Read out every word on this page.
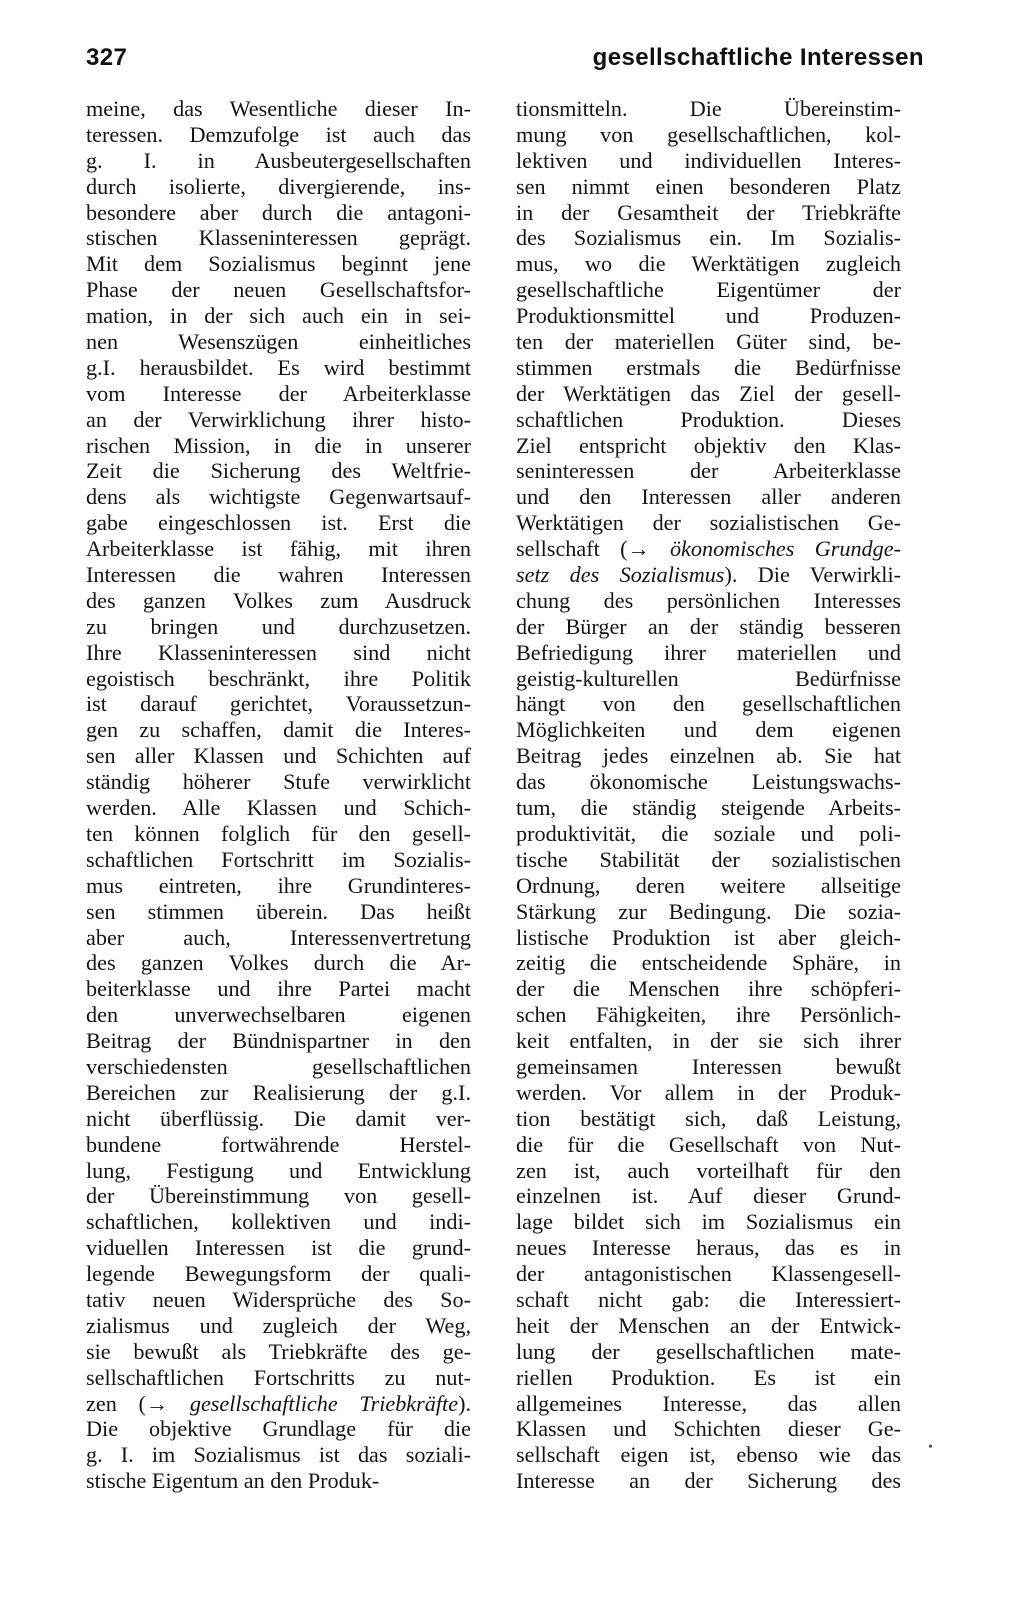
327	gesellschaftliche Interessen
meine, das Wesentliche dieser In-
teressen. Demzufolge ist auch das
g. I. in Ausbeutergesellschaften
durch isolierte, divergierende, ins-
besondere aber durch die antagoni-
stischen Klasseninteressen geprägt.
Mit dem Sozialismus beginnt jene
Phase der neuen Gesellschaftsfor-
mation, in der sich auch ein in sei-
nen Wesenszügen einheitliches
g.I. herausbildet. Es wird bestimmt
vom Interesse der Arbeiterklasse
an der Verwirklichung ihrer histo-
rischen Mission, in die in unserer
Zeit die Sicherung des Weltfrie-
dens als wichtigste Gegenwartsauf-
gabe eingeschlossen ist. Erst die
Arbeiterklasse ist fähig, mit ihren
Interessen die wahren Interessen
des ganzen Volkes zum Ausdruck
zu bringen und durchzusetzen.
Ihre Klasseninteressen sind nicht
egoistisch beschränkt, ihre Politik
ist darauf gerichtet, Voraussetzun-
gen zu schaffen, damit die Interes-
sen aller Klassen und Schichten auf
ständig höherer Stufe verwirklicht
werden. Alle Klassen und Schich-
ten können folglich für den gesell-
schaftlichen Fortschritt im Sozialis-
mus eintreten, ihre Grundinteres-
sen stimmen überein. Das heißt
aber auch, Interessenvertretung
des ganzen Volkes durch die Ar-
beiterklasse und ihre Partei macht
den unverwechselbaren eigenen
Beitrag der Bündnispartner in den
verschiedensten gesellschaftlichen
Bereichen zur Realisierung der g.I.
nicht überflüssig. Die damit ver-
bundene fortwährende Herstel-
lung, Festigung und Entwicklung
der Übereinstimmung von gesell-
schaftlichen, kollektiven und indi-
viduellen Interessen ist die grund-
legende Bewegungsform der quali-
tativ neuen Widersprüche des So-
zialismus und zugleich der Weg,
sie bewußt als Triebkräfte des ge-
sellschaftlichen Fortschritts zu nut-
zen (→ gesellschaftliche Triebkräfte).
Die objektive Grundlage für die
g. I. im Sozialismus ist das soziali-
stische Eigentum an den Produk-
tionsmitteln. Die Übereinstim-
mung von gesellschaftlichen, kol-
lektiven und individuellen Interes-
sen nimmt einen besonderen Platz
in der Gesamtheit der Triebkräfte
des Sozialismus ein. Im Sozialis-
mus, wo die Werktätigen zugleich
gesellschaftliche Eigentümer der
Produktionsmittel und Produzen-
ten der materiellen Güter sind, be-
stimmen erstmals die Bedürfnisse
der Werktätigen das Ziel der gesell-
schaftlichen Produktion. Dieses
Ziel entspricht objektiv den Klas-
seninteressen der Arbeiterklasse
und den Interessen aller anderen
Werktätigen der sozialistischen Ge-
sellschaft (→ ökonomisches Grundge-
setz des Sozialismus). Die Verwirkli-
chung des persönlichen Interesses
der Bürger an der ständig besseren
Befriedigung ihrer materiellen und
geistig-kulturellen Bedürfnisse
hängt von den gesellschaftlichen
Möglichkeiten und dem eigenen
Beitrag jedes einzelnen ab. Sie hat
das ökonomische Leistungswachs-
tum, die ständig steigende Arbeits-
produktivität, die soziale und poli-
tische Stabilität der sozialistischen
Ordnung, deren weitere allseitige
Stärkung zur Bedingung. Die sozia-
listische Produktion ist aber gleich-
zeitig die entscheidende Sphäre, in
der die Menschen ihre schöpferi-
schen Fähigkeiten, ihre Persönlich-
keit entfalten, in der sie sich ihrer
gemeinsamen Interessen bewußt
werden. Vor allem in der Produk-
tion bestätigt sich, daß Leistung,
die für die Gesellschaft von Nut-
zen ist, auch vorteilhaft für den
einzelnen ist. Auf dieser Grund-
lage bildet sich im Sozialismus ein
neues Interesse heraus, das es in
der antagonistischen Klassengesell-
schaft nicht gab: die Interessiert-
heit der Menschen an der Entwick-
lung der gesellschaftlichen mate-
riellen Produktion. Es ist ein
allgemeines Interesse, das allen
Klassen und Schichten dieser Ge-
sellschaft eigen ist, ebenso wie das
Interesse an der Sicherung des
•
